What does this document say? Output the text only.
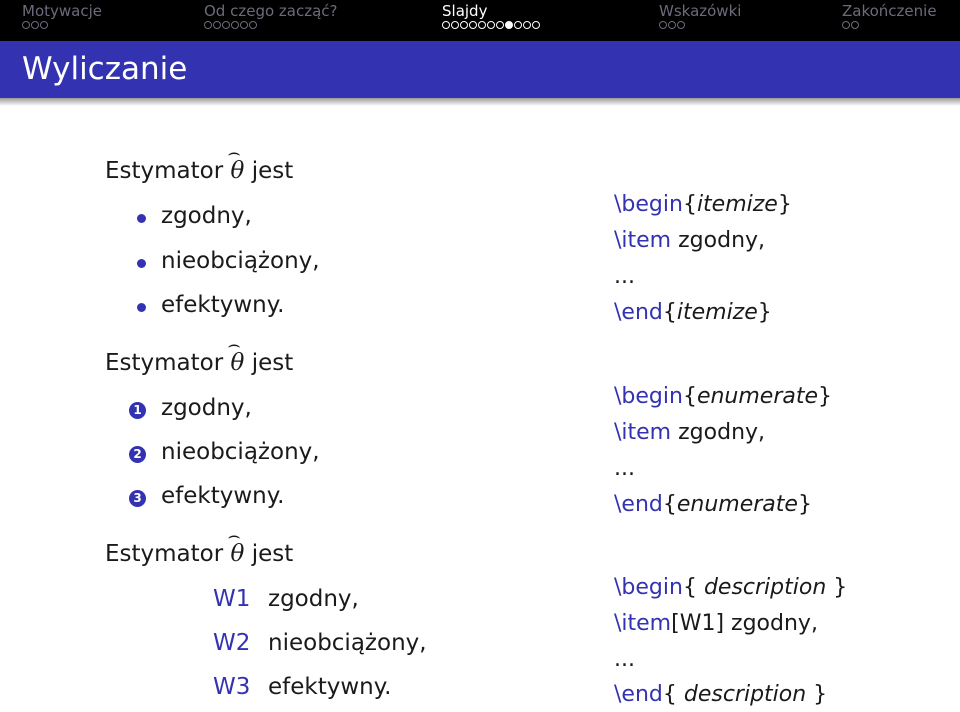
Motywacje	Od czego zacząć?	Slajdy	Wskazówki	Zakończenie
Wyliczanie
Estymator
⌢
θ jest
zgodny,
nieobciążony,
efektywny.
Estymator
⌢
θ jest
1 zgodny,
2 nieobciążony,
3 efektywny.
Estymator
⌢
θ jest
W1 zgodny,
W2 nieobciążony,
W3 efektywny.
\begin{itemize}
\item zgodny,
...
\end{itemize}
\begin{enumerate}
\item zgodny,
...
\end{enumerate}
\begin{ description }
\item[W1] zgodny,
...
\end{ description }
